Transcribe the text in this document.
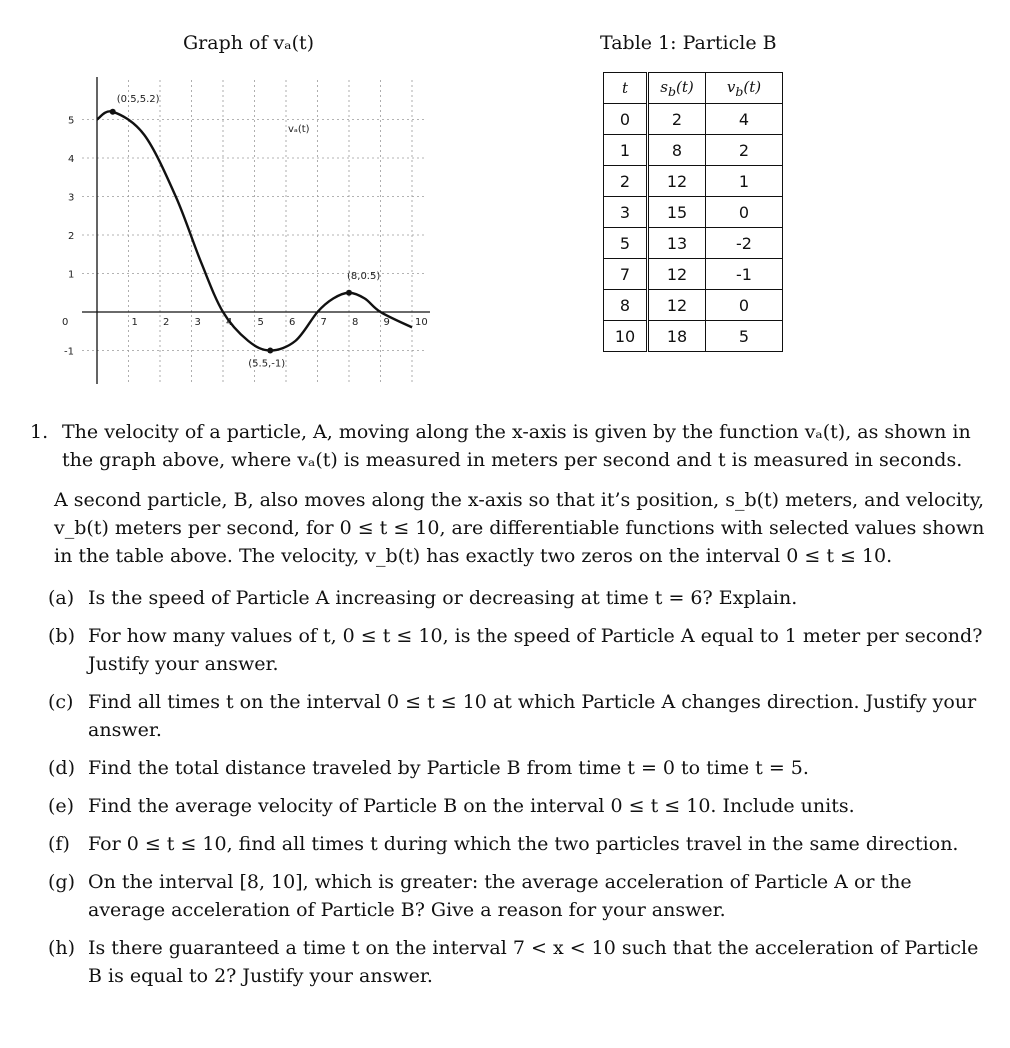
Graph of vₐ(t)	Table 1: Particle B
0	1	2	3	4	5	6	7	8	9	10
5
4
3
2
1
-1
vₐ(t)
(0.5,5.2)
(5.5,-1)
(8,0.5)
t	$s_b(t)$	$v_b(t)$
0	2	4
1	8	2
2	12	1
3	15	0
5	13	-2
7	12	-1
8	12	0
10	18	5
1. The velocity of a particle, A, moving along the x-axis is given by the function vₐ(t), as shown in the graph above, where vₐ(t) is measured in meters per second and t is measured in seconds.

A second particle, B, also moves along the x-axis so that it’s position, s_b(t) meters, and velocity, v_b(t) meters per second, for 0 ≤ t ≤ 10, are differentiable functions with selected values shown in the table above. The velocity, v_b(t) has exactly two zeros on the interval 0 ≤ t ≤ 10.

(a) Is the speed of Particle A increasing or decreasing at time t = 6? Explain.
(b) For how many values of t, 0 ≤ t ≤ 10, is the speed of Particle A equal to 1 meter per second? Justify your answer.
(c) Find all times t on the interval 0 ≤ t ≤ 10 at which Particle A changes direction. Justify your answer.
(d) Find the total distance traveled by Particle B from time t = 0 to time t = 5.
(e) Find the average velocity of Particle B on the interval 0 ≤ t ≤ 10. Include units.
(f) For 0 ≤ t ≤ 10, find all times t during which the two particles travel in the same direction.
(g) On the interval [8, 10], which is greater: the average acceleration of Particle A or the average acceleration of Particle B? Give a reason for your answer.
(h) Is there guaranteed a time t on the interval 7 < x < 10 such that the acceleration of Particle B is equal to 2? Justify your answer.
